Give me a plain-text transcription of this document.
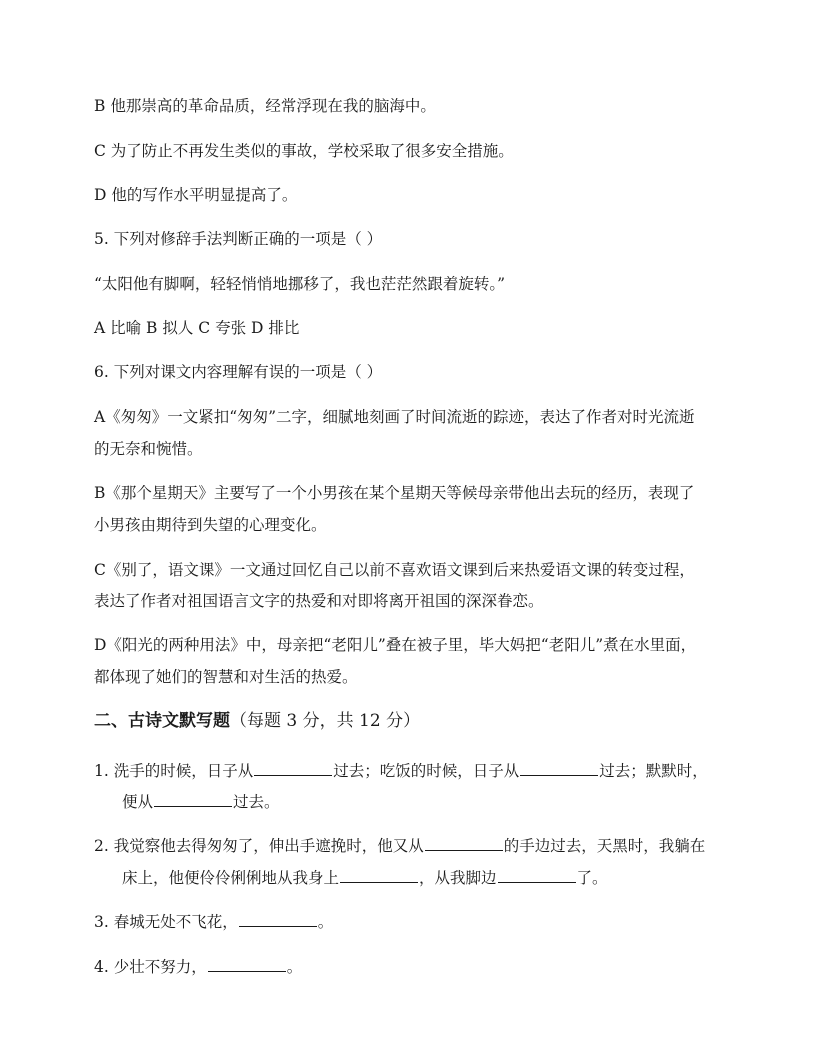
B 他那崇高的革命品质，经常浮现在我的脑海中。
C 为了防止不再发生类似的事故，学校采取了很多安全措施。
D 他的写作水平明显提高了。
5. 下列对修辞手法判断正确的一项是（ ）
“太阳他有脚啊，轻轻悄悄地挪移了，我也茫茫然跟着旋转。”
A 比喻 B 拟人 C 夸张 D 排比
6. 下列对课文内容理解有误的一项是（ ）
A《匆匆》一文紧扣“匆匆”二字，细腻地刻画了时间流逝的踪迹，表达了作者对时光流逝
的无奈和惋惜。
B《那个星期天》主要写了一个小男孩在某个星期天等候母亲带他出去玩的经历，表现了
小男孩由期待到失望的心理变化。
C《别了，语文课》一文通过回忆自己以前不喜欢语文课到后来热爱语文课的转变过程，
表达了作者对祖国语言文字的热爱和对即将离开祖国的深深眷恋。
D《阳光的两种用法》中，母亲把“老阳儿”叠在被子里，毕大妈把“老阳儿”煮在水里面，
都体现了她们的智慧和对生活的热爱。
二、古诗文默写题（每题 3 分，共 12 分）
1. 洗手的时候，日子从	过去；吃饭的时候，日子从	过去；默默时，
便从	过去。
2. 我觉察他去得匆匆了，伸出手遮挽时，他又从	的手边过去，天黑时，我躺在
床上，他便伶伶俐俐地从我身上	，从我脚边	了。
3. 春城无处不飞花，	。
4. 少壮不努力，	。
